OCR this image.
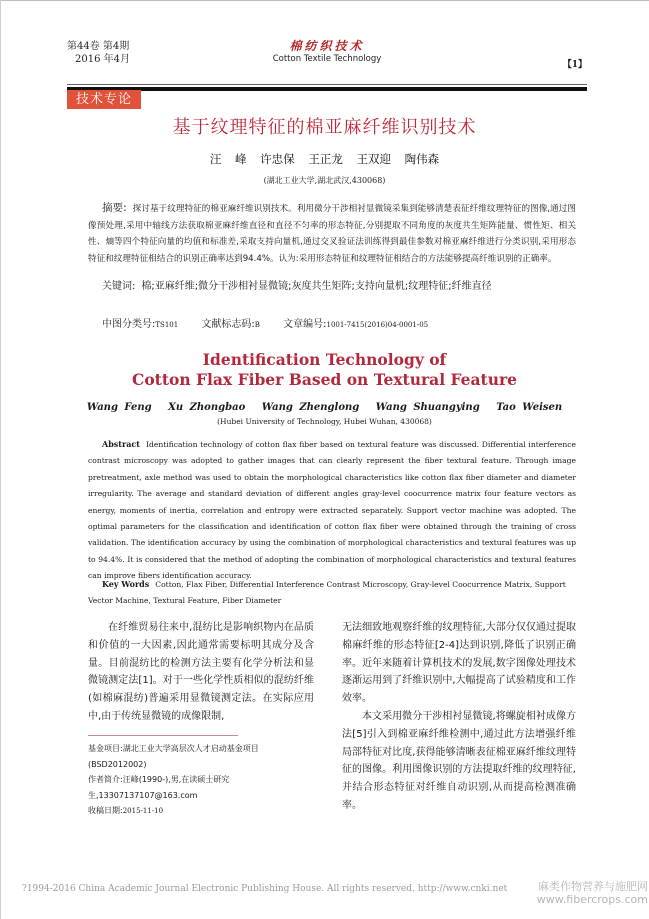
第44卷 第4期
2016 年4月
棉纺织技术
Cotton Textile Technology
【1】
技术专论
基于纹理特征的棉亚麻纤维识别技术
汪 峰 许忠保 王正龙 王双迎 陶伟森
(湖北工业大学,湖北武汉,430068)
摘要: 探讨基于纹理特征的棉亚麻纤维识别技术。利用微分干涉相衬显微镜采集到能够清楚表征纤维纹理特征的图像,通过图像预处理,采用中轴线方法获取棉亚麻纤维直径和直径不匀率的形态特征,分别提取不同角度的灰度共生矩阵能量、惯性矩、相关性、熵等四个特征向量的均值和标准差,采取支持向量机,通过交叉验证法训练得到最佳参数对棉亚麻纤维进行分类识别,采用形态特征和纹理特征相结合的识别正确率达到94.4%。认为:采用形态特征和纹理特征相结合的方法能够提高纤维识别的正确率。
关键词: 棉;亚麻纤维;微分干涉相衬显微镜;灰度共生矩阵;支持向量机;纹理特征;纤维直径
中图分类号:TS101 文献标志码:B 文章编号:1001-7415(2016)04-0001-05
Identification Technology of
Cotton Flax Fiber Based on Textural Feature
Wang Feng Xu Zhongbao Wang Zhenglong Wang Shuangying Tao Weisen
(Hubei University of Technology, Hubei Wuhan, 430068)
Abstract Identification technology of cotton flax fiber based on textural feature was discussed. Differential interference contrast microscopy was adopted to gather images that can clearly represent the fiber textural feature. Through image pretreatment, axle method was used to obtain the morphological characteristics like cotton flax fiber diameter and diameter irregularity. The average and standard deviation of different angles gray-level coocurrence matrix four feature vectors as energy, moments of inertia, correlation and entropy were extracted separately. Support vector machine was adopted. The optimal parameters for the classification and identification of cotton flax fiber were obtained through the training of cross validation. The identification accuracy by using the combination of morphological characteristics and textural features was up to 94.4%. It is considered that the method of adopting the combination of morphological characteristics and textural features can improve fibers identification accuracy.
Key Words Cotton, Flax Fiber, Differential Interference Contrast Microscopy, Gray-level Coocurrence Matrix, Support Vector Machine, Textural Feature, Fiber Diameter
在纤维贸易往来中,混纺比是影响织物内在品质和价值的一大因素,因此通常需要标明其成分及含量。目前混纺比的检测方法主要有化学分析法和显微镜测定法[1]。对于一些化学性质相似的混纺纤维(如棉麻混纺)普遍采用显微镜测定法。在实际应用中,由于传统显微镜的成像限制,

无法细致地观察纤维的纹理特征,大部分仅仅通过提取棉麻纤维的形态特征[2-4]达到识别,降低了识别正确率。近年来随着计算机技术的发展,数字图像处理技术逐渐运用到了纤维识别中,大幅提高了试验精度和工作效率。

本文采用微分干涉相衬显微镜,将螺旋相衬成像方法[5]引入到棉亚麻纤维检测中,通过此方法增强纤维局部特征对比度,获得能够清晰表征棉亚麻纤维纹理特征的图像。利用图像识别的方法提取纤维的纹理特征,并结合形态特征对纤维自动识别,从而提高检测准确率。

基金项目:湖北工业大学高层次人才启动基金项目(BSD2012002)
作者简介:汪峰(1990-),男,在读硕士研究生,13307137107@163.com
收稿日期:2015-11-10
?1994-2016 China Academic Journal Electronic Publishing House. All rights reserved. http://www.cnki.net	麻类作物营养与施肥网
www.fibercrops.com
